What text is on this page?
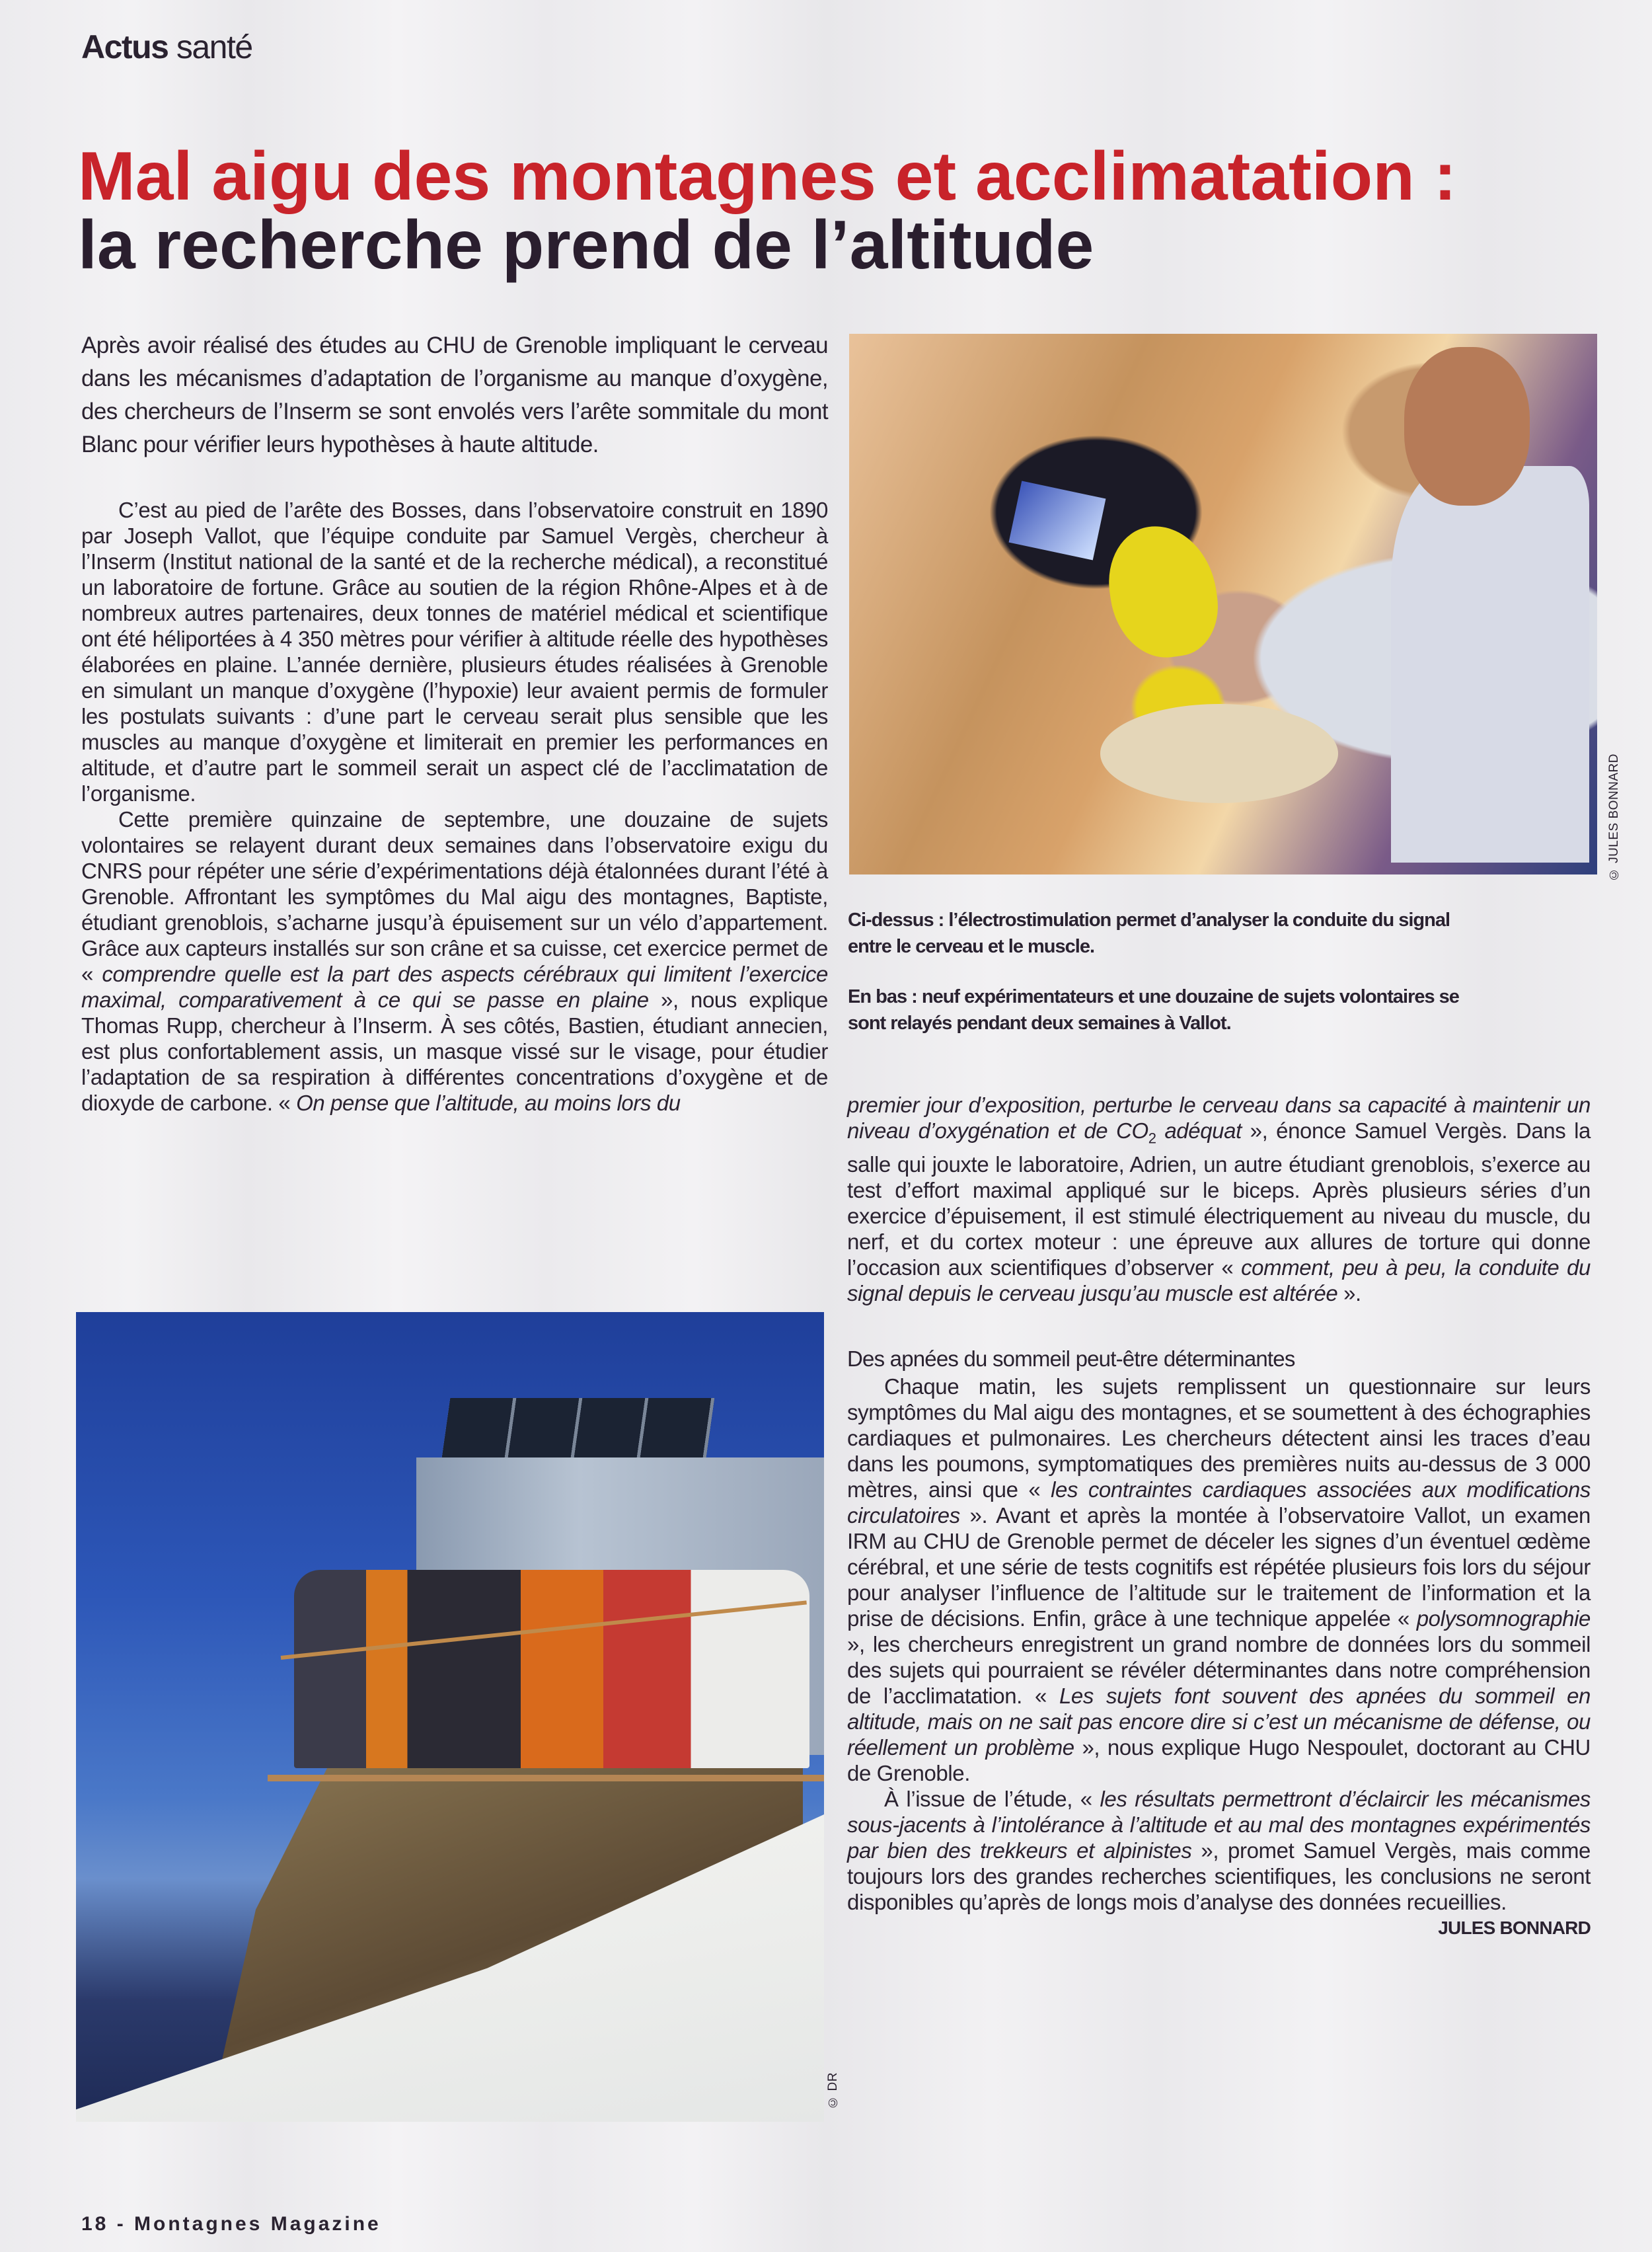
Actus santé
Mal aigu des montagnes et acclimatation :
la recherche prend de l’altitude
Après avoir réalisé des études au CHU de Grenoble impliquant le cerveau dans les mécanismes d’adaptation de l’organisme au manque d’oxygène, des chercheurs de l’Inserm se sont envolés vers l’arête sommitale du mont Blanc pour vérifier leurs hypothèses à haute altitude.

C’est au pied de l’arête des Bosses, dans l’observatoire construit en 1890 par Joseph Vallot, que l’équipe conduite par Samuel Vergès, chercheur à l’Inserm (Institut national de la santé et de la recherche médical), a reconstitué un laboratoire de fortune. Grâce au soutien de la région Rhône-Alpes et à de nombreux autres partenaires, deux tonnes de matériel médical et scientifique ont été héliportées à 4 350 mètres pour vérifier à altitude réelle des hypothèses élaborées en plaine. L’année dernière, plusieurs études réalisées à Grenoble en simulant un manque d’oxygène (l’hypoxie) leur avaient permis de formuler les postulats suivants : d’une part le cerveau serait plus sensible que les muscles au manque d’oxygène et limiterait en premier les performances en altitude, et d’autre part le sommeil serait un aspect clé de l’acclimatation de l’organisme.

Cette première quinzaine de septembre, une douzaine de sujets volontaires se relayent durant deux semaines dans l’observatoire exigu du CNRS pour répéter une série d’expérimentations déjà étalonnées durant l’été à Grenoble. Affrontant les symptômes du Mal aigu des montagnes, Baptiste, étudiant grenoblois, s’acharne jusqu’à épuisement sur un vélo d’appartement. Grâce aux capteurs installés sur son crâne et sa cuisse, cet exercice permet de « comprendre quelle est la part des aspects cérébraux qui limitent l’exercice maximal, comparativement à ce qui se passe en plaine », nous explique Thomas Rupp, chercheur à l’Inserm. À ses côtés, Bastien, étudiant annecien, est plus confortablement assis, un masque vissé sur le visage, pour étudier l’adaptation de sa respiration à différentes concentrations d’oxygène et de dioxyde de carbone. « On pense que l’altitude, au moins lors du

© JULES BONNARD

Ci-dessus : l’électrostimulation permet d’analyser la conduite du signal entre le cerveau et le muscle.

En bas : neuf expérimentateurs et une douzaine de sujets volontaires se sont relayés pendant deux semaines à Vallot.

premier jour d’exposition, perturbe le cerveau dans sa capacité à maintenir un niveau d’oxygénation et de $CO_2$ adéquat », énonce Samuel Vergès. Dans la salle qui jouxte le laboratoire, Adrien, un autre étudiant grenoblois, s’exerce au test d’effort maximal appliqué sur le biceps. Après plusieurs séries d’un exercice d’épuisement, il est stimulé électriquement au niveau du muscle, du nerf, et du cortex moteur : une épreuve aux allures de torture qui donne l’occasion aux scientifiques d’observer « comment, peu à peu, la conduite du signal depuis le cerveau jusqu’au muscle est altérée ».

Des apnées du sommeil peut-être déterminantes

Chaque matin, les sujets remplissent un questionnaire sur leurs symptômes du Mal aigu des montagnes, et se soumettent à des échographies cardiaques et pulmonaires. Les chercheurs détectent ainsi les traces d’eau dans les poumons, symptomatiques des premières nuits au-dessus de 3 000 mètres, ainsi que « les contraintes cardiaques associées aux modifications circulatoires ». Avant et après la montée à l’observatoire Vallot, un examen IRM au CHU de Grenoble permet de déceler les signes d’un éventuel œdème cérébral, et une série de tests cognitifs est répétée plusieurs fois lors du séjour pour analyser l’influence de l’altitude sur le traitement de l’information et la prise de décisions. Enfin, grâce à une technique appelée « polysomnographie », les chercheurs enregistrent un grand nombre de données lors du sommeil des sujets qui pourraient se révéler déterminantes dans notre compréhension de l’acclimatation. « Les sujets font souvent des apnées du sommeil en altitude, mais on ne sait pas encore dire si c’est un mécanisme de défense, ou réellement un problème », nous explique Hugo Nespoulet, doctorant au CHU de Grenoble.

À l’issue de l’étude, « les résultats permettront d’éclaircir les mécanismes sous-jacents à l’intolérance à l’altitude et au mal des montagnes expérimentés par bien des trekkeurs et alpinistes », promet Samuel Vergès, mais comme toujours lors des grandes recherches scientifiques, les conclusions ne seront disponibles qu’après de longs mois d’analyse des données recueillies.

JULES BONNARD

© DR
18 - Montagnes Magazine
